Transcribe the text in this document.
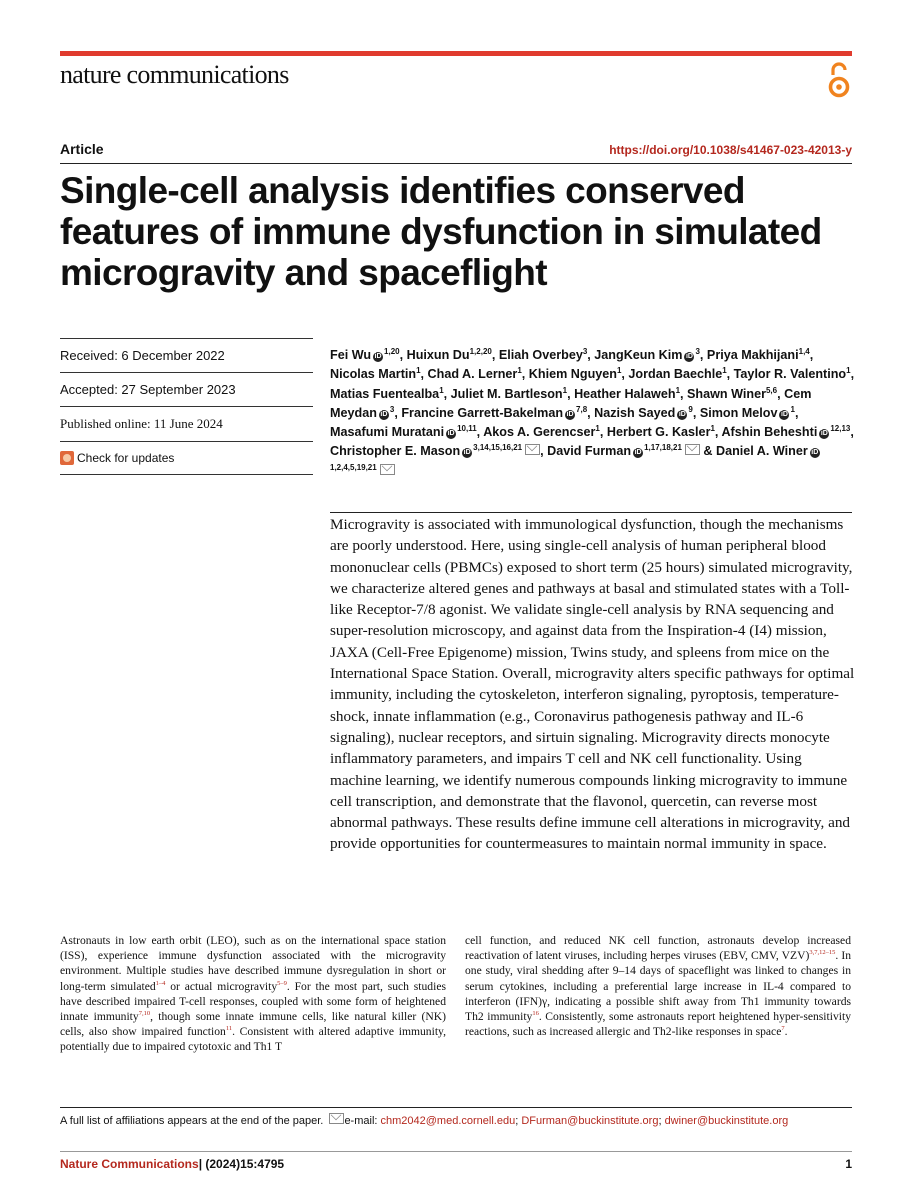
nature communications
Article	https://doi.org/10.1038/s41467-023-42013-y
Single-cell analysis identifies conserved features of immune dysfunction in simulated microgravity and spaceflight
Received: 6 December 2022
Accepted: 27 September 2023
Published online: 11 June 2024
Check for updates
Fei Wu iD$^{1,20}$, Huixun Du$^{1,2,20}$, Eliah Overbey$^3$, JangKeun Kim $iD^3$, Priya Makhijani$^{1,4}$, Nicolas Martin$^1$, Chad A. Lerner$^1$, Khiem Nguyen$^1$, Jordan Baechle$^1$, Taylor R. Valentino$^1$, Matias Fuentealba$^1$, Juliet M. Bartleson$^1$, Heather Halaweh$^1$, Shawn Winer$^{5,6}$, Cem Meydan $iD^3$, Francine Garrett-Bakelman iD$^{7,8}$, Nazish Sayed $iD^9$, Simon Melov $iD^1$, Masafumi Muratani iD$^{10,11}$, Akos A. Gerencser$^1$, Herbert G. Kasler$^1$, Afshin Beheshti iD$^{12,13}$, Christopher E. Mason iD$^{3,14,15,16,21}$ , David Furman iD$^{1,17,18,21}$ & Daniel A. Winer iD$^{1,2,4,5,19,21}$

Microgravity is associated with immunological dysfunction, though the mechanisms are poorly understood. Here, using single-cell analysis of human peripheral blood mononuclear cells (PBMCs) exposed to short term (25 hours) simulated microgravity, we characterize altered genes and pathways at basal and stimulated states with a Toll-like Receptor-7/8 agonist. We validate single-cell analysis by RNA sequencing and super-resolution microscopy, and against data from the Inspiration-4 (I4) mission, JAXA (Cell-Free Epigenome) mission, Twins study, and spleens from mice on the International Space Station. Overall, microgravity alters specific pathways for optimal immunity, including the cytoskeleton, interferon signaling, pyroptosis, temperature-shock, innate inflammation (e.g., Coronavirus pathogenesis pathway and IL-6 signaling), nuclear receptors, and sirtuin signaling. Microgravity directs monocyte inflammatory parameters, and impairs T cell and NK cell functionality. Using machine learning, we identify numerous compounds linking microgravity to immune cell transcription, and demonstrate that the flavonol, quercetin, can reverse most abnormal pathways. These results define immune cell alterations in microgravity, and provide opportunities for countermeasures to maintain normal immunity in space.

Astronauts in low earth orbit (LEO), such as on the international space station (ISS), experience immune dysfunction associated with the microgravity environment. Multiple studies have described immune dysregulation in short or long-term simulated$^{1-4}$ or actual microgravity$^{5-9}$. For the most part, such studies have described impaired T-cell responses, coupled with some form of heightened innate immunity$^{7,10}$, though some innate immune cells, like natural killer (NK) cells, also show impaired function$^{11}$. Consistent with altered adaptive immunity, potentially due to impaired cytotoxic and Th1 T

cell function, and reduced NK cell function, astronauts develop increased reactivation of latent viruses, including herpes viruses (EBV, CMV, VZV)$^{3,7,12-15}$. In one study, viral shedding after 9–14 days of spaceflight was linked to changes in serum cytokines, including a preferential large increase in IL-4 compared to interferon (IFN)γ, indicating a possible shift away from Th1 immunity towards Th2 immunity$^{16}$. Consistently, some astronauts report heightened hyper-sensitivity reactions, such as increased allergic and Th2-like responses in space$^7$.

A full list of affiliations appears at the end of the paper. e-mail: chm2042@med.cornell.edu; DFurman@buckinstitute.org; dwiner@buckinstitute.org
Nature Communications| (2024)15:4795	1
